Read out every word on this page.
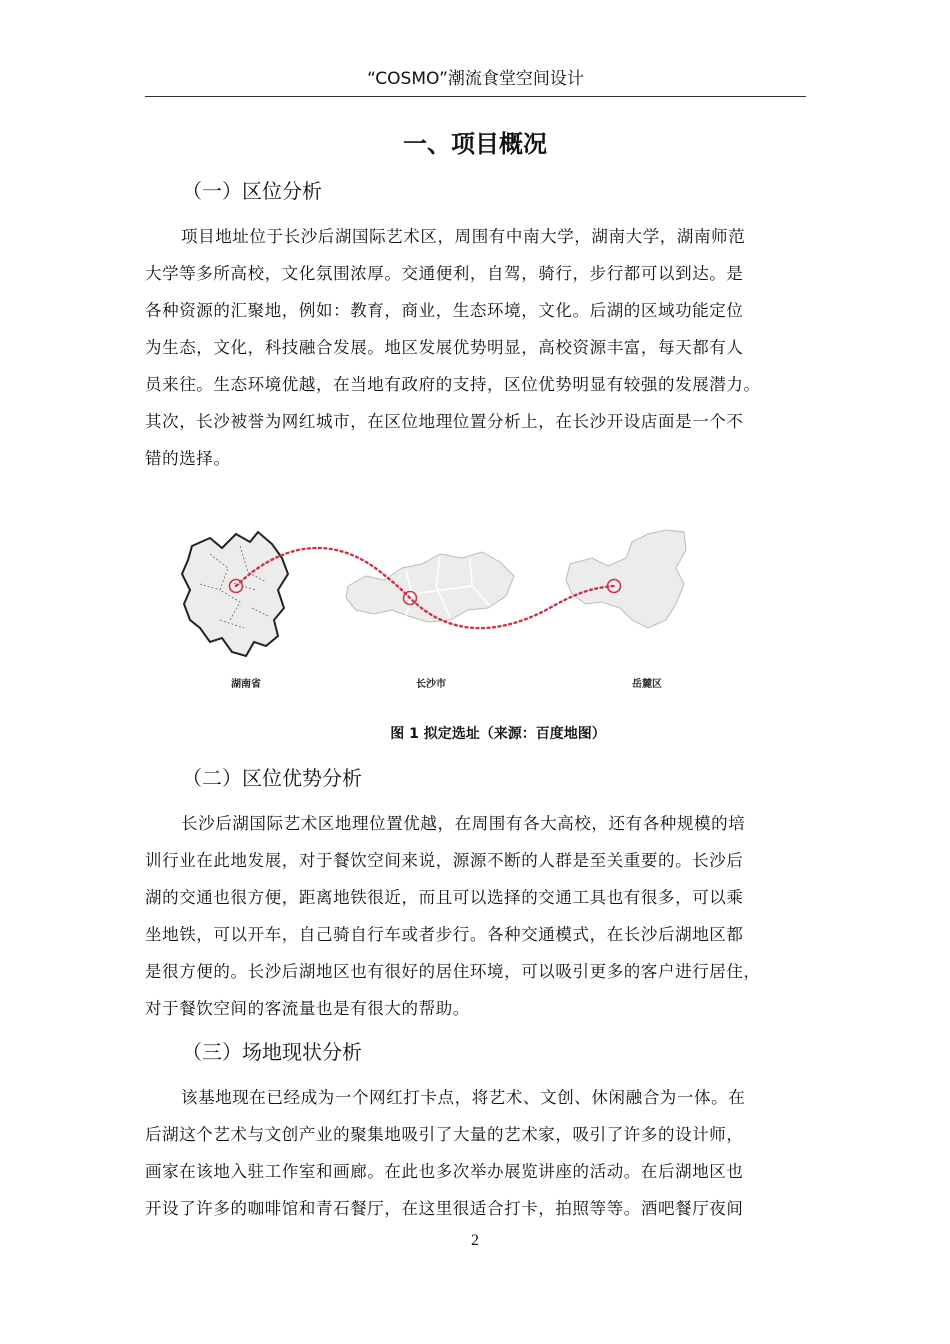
“COSMO”潮流食堂空间设计
一、项目概况
（一）区位分析
项目地址位于长沙后湖国际艺术区，周围有中南大学，湖南大学，湖南师范
大学等多所高校，文化氛围浓厚。交通便利，自驾，骑行，步行都可以到达。是
各种资源的汇聚地，例如：教育，商业，生态环境，文化。后湖的区域功能定位
为生态，文化，科技融合发展。地区发展优势明显，高校资源丰富，每天都有人
员来往。生态环境优越，在当地有政府的支持，区位优势明显有较强的发展潜力。
其次，长沙被誉为网红城市，在区位地理位置分析上，在长沙开设店面是一个不
错的选择。
湖南省	长沙市	岳麓区
图 1 拟定选址（来源：百度地图）
（二）区位优势分析
长沙后湖国际艺术区地理位置优越，在周围有各大高校，还有各种规模的培
训行业在此地发展，对于餐饮空间来说，源源不断的人群是至关重要的。长沙后
湖的交通也很方便，距离地铁很近，而且可以选择的交通工具也有很多，可以乘
坐地铁，可以开车，自己骑自行车或者步行。各种交通模式，在长沙后湖地区都
是很方便的。长沙后湖地区也有很好的居住环境，可以吸引更多的客户进行居住，
对于餐饮空间的客流量也是有很大的帮助。
（三）场地现状分析
该基地现在已经成为一个网红打卡点，将艺术、文创、休闲融合为一体。在
后湖这个艺术与文创产业的聚集地吸引了大量的艺术家，吸引了许多的设计师，
画家在该地入驻工作室和画廊。在此也多次举办展览讲座的活动。在后湖地区也
开设了许多的咖啡馆和青石餐厅，在这里很适合打卡，拍照等等。酒吧餐厅夜间
2
